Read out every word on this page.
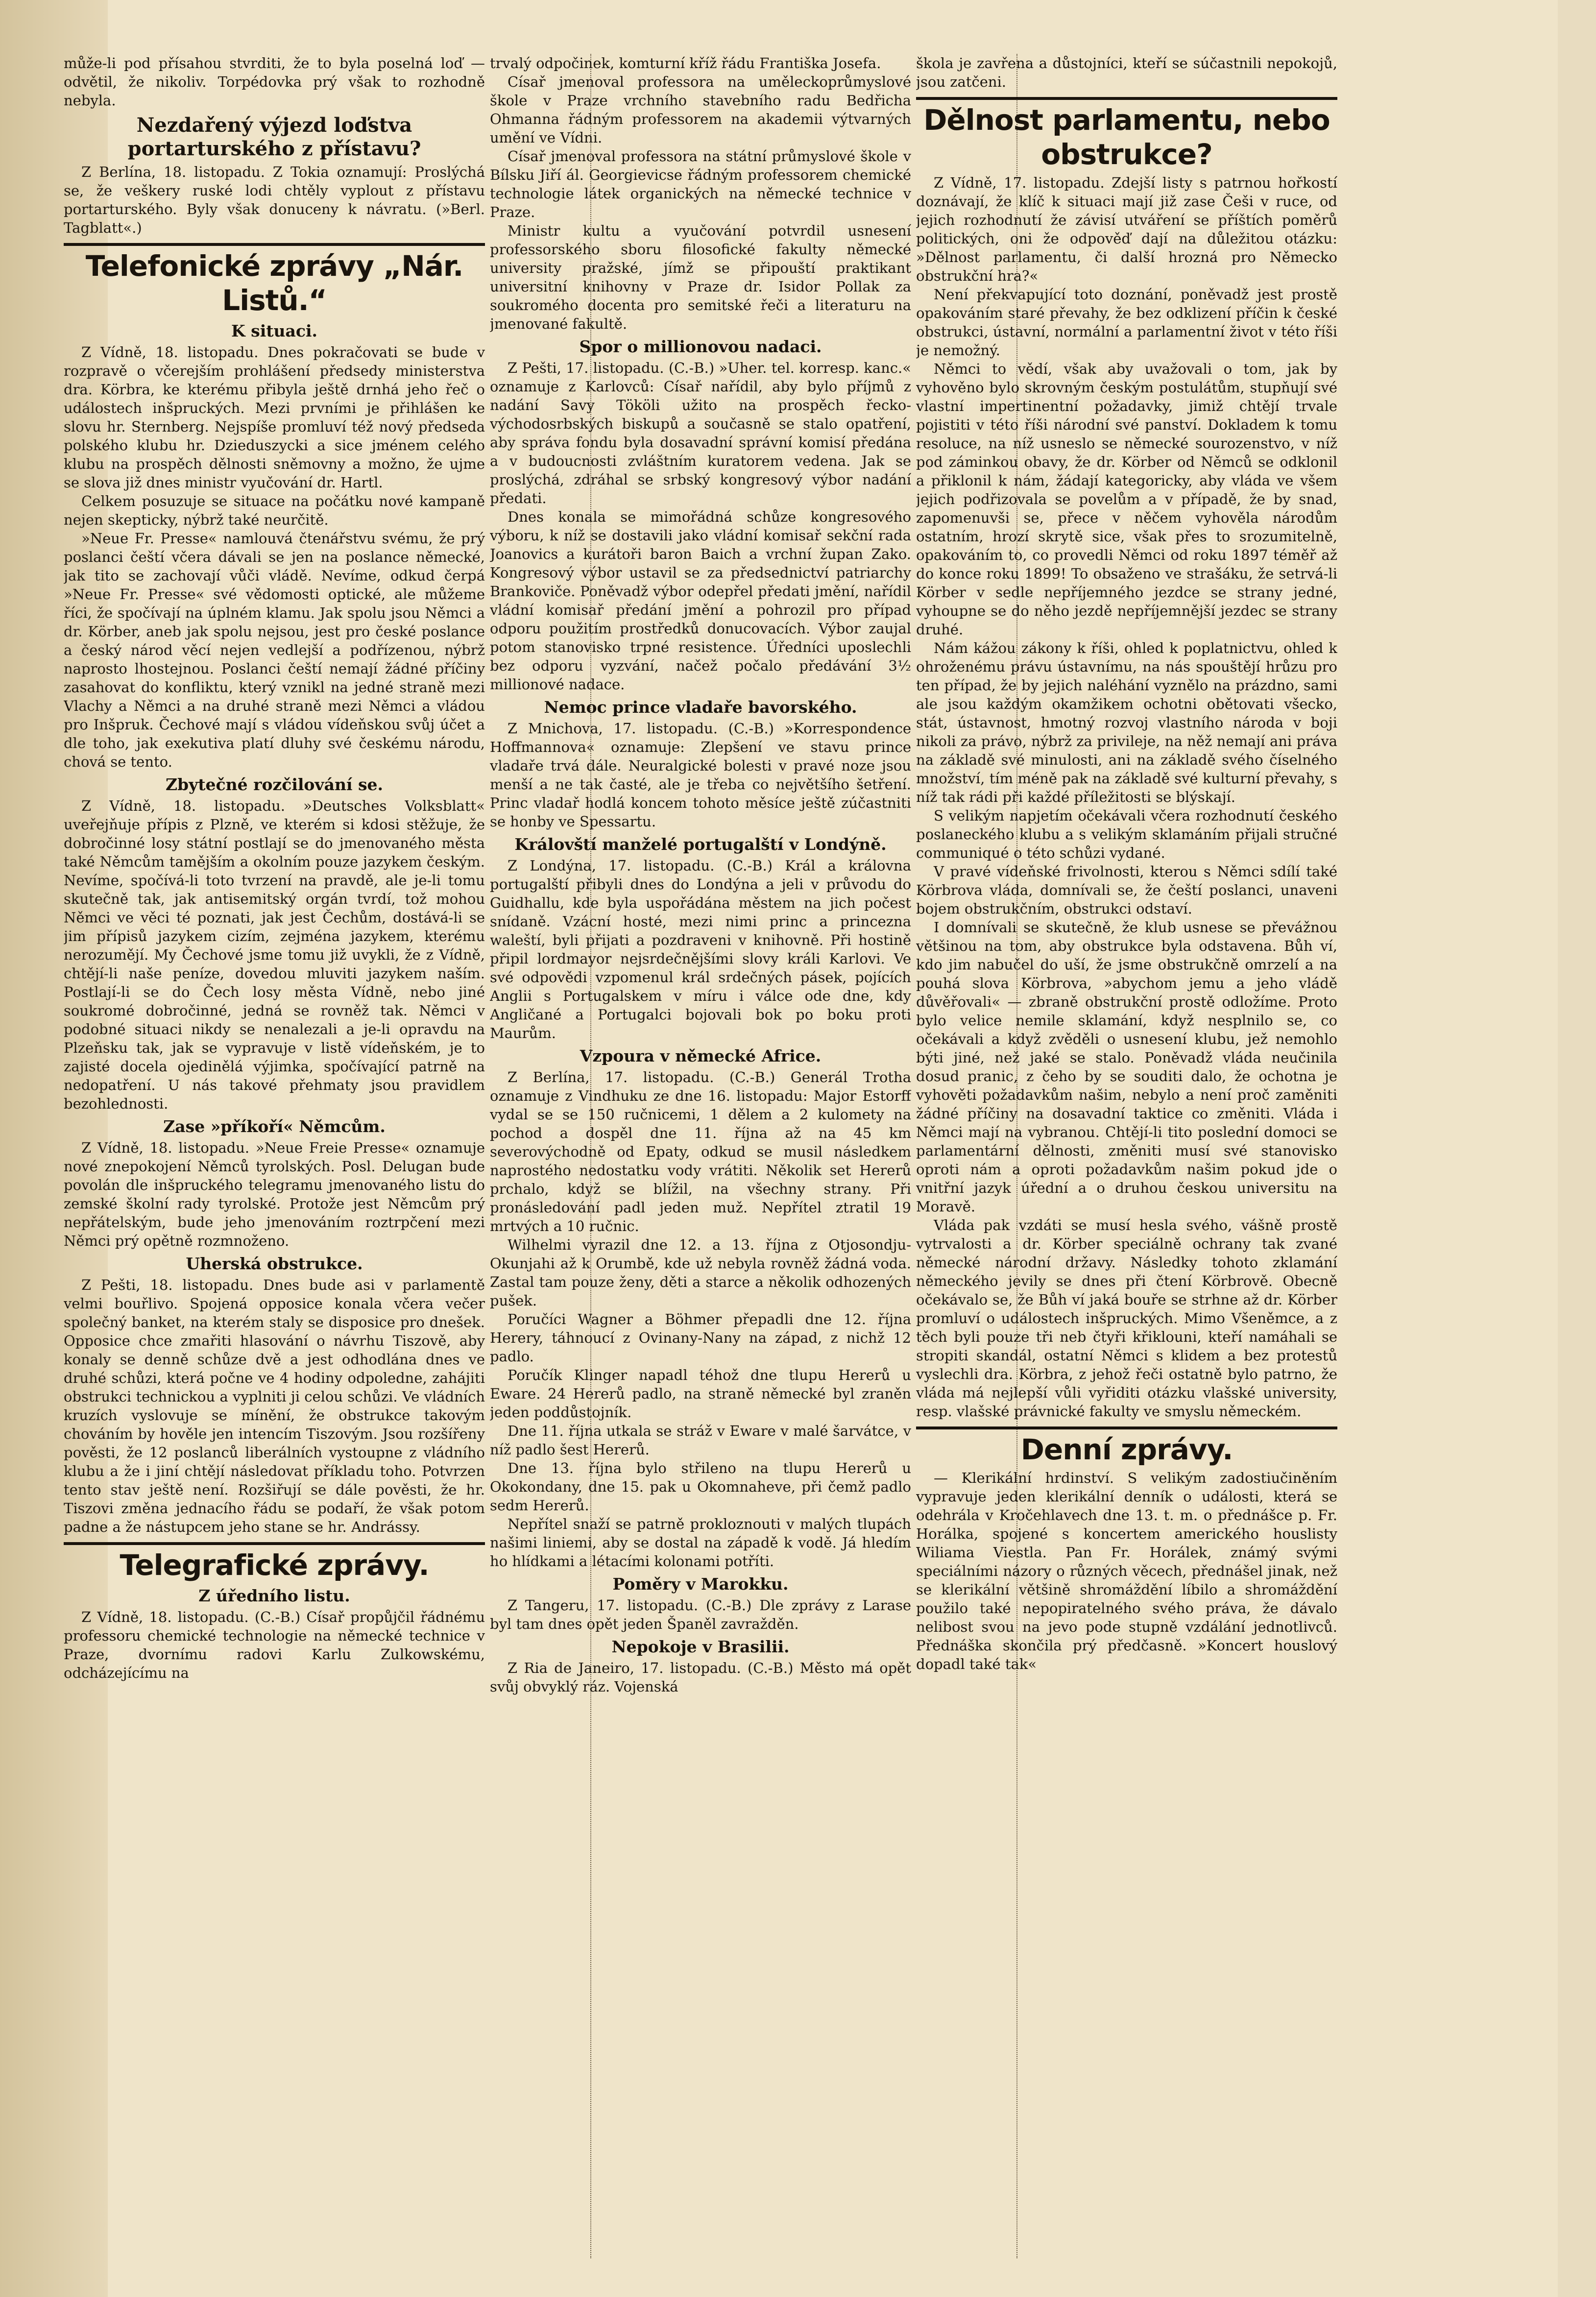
může-li pod přísahou stvrditi, že to byla poselná loď — odvětil, že nikoliv. Torpédovka prý však to rozhodně nebyla.

Nezdařený výjezd loďstva portarturského z přístavu?

Z Berlína, 18. listopadu. Z Tokia oznamují: Proslýchá se, že veškery ruské lodi chtěly vyplout z přístavu portarturského. Byly však donuceny k návratu. (»Berl. Tagblatt«.)

Telefonické zprávy „Nár. Listů.“
K situaci.

Z Vídně, 18. listopadu. Dnes pokračovati se bude v rozpravě o včerejším prohlášení předsedy ministerstva dra. Körbra, ke kterému přibyla ještě drnhá jeho řeč o událostech inšpruckých. Mezi prvními je přihlášen ke slovu hr. Sternberg. Nejspíše promluví též nový předseda polského klubu hr. Dzieduszycki a sice jménem celého klubu na prospěch dělnosti sněmovny a možno, že ujme se slova již dnes ministr vyučování dr. Hartl.

Celkem posuzuje se situace na počátku nové kampaně nejen skepticky, nýbrž také neurčitě.

»Neue Fr. Presse« namlouvá čtenářstvu svému, že prý poslanci čeští včera dávali se jen na poslance německé, jak tito se zachovají vůči vládě. Nevíme, odkud čerpá »Neue Fr. Presse« své vědomosti optické, ale můžeme říci, že spočívají na úplném klamu. Jak spolu jsou Němci a dr. Körber, aneb jak spolu nejsou, jest pro české poslance a český národ věcí nejen vedlejší a podřízenou, nýbrž naprosto lhostejnou. Poslanci čeští nemají žádné příčiny zasahovat do konfliktu, který vznikl na jedné straně mezi Vlachy a Němci a na druhé straně mezi Němci a vládou pro Inšpruk. Čechové mají s vládou vídeňskou svůj účet a dle toho, jak exekutiva platí dluhy své českému národu, chová se tento.

Zbytečné rozčilování se.

Z Vídně, 18. listopadu. »Deutsches Volksblatt« uveřejňuje přípis z Plzně, ve kterém si kdosi stěžuje, že dobročinné losy státní postlají se do jmenovaného města také Němcům tamějším a okolním pouze jazykem českým. Nevíme, spočívá-li toto tvrzení na pravdě, ale je-li tomu skutečně tak, jak antisemitský orgán tvrdí, tož mohou Němci ve věci té poznati, jak jest Čechům, dostává-li se jim přípisů jazykem cizím, zejména jazykem, kterému nerozumějí. My Čechové jsme tomu již uvykli, že z Vídně, chtějí-li naše peníze, dovedou mluviti jazykem naším. Postlají-li se do Čech losy města Vídně, nebo jiné soukromé dobročinné, jedná se rovněž tak. Němci v podobné situaci nikdy se nenalezali a je-li opravdu na Plzeňsku tak, jak se vypravuje v listě vídeňském, je to zajisté docela ojedinělá výjimka, spočívající patrně na nedopatření. U nás takové přehmaty jsou pravidlem bezohlednosti.

Zase »příkoří« Němcům.

Z Vídně, 18. listopadu. »Neue Freie Presse« oznamuje nové znepokojení Němců tyrolských. Posl. Delugan bude povolán dle inšpruckého telegramu jmenovaného listu do zemské školní rady tyrolské. Protože jest Němcům prý nepřátelským, bude jeho jmenováním roztrpčení mezi Němci prý opětně rozmnoženo.

Uherská obstrukce.

Z Pešti, 18. listopadu. Dnes bude asi v parlamentě velmi bouřlivo. Spojená opposice konala včera večer společný banket, na kterém staly se disposice pro dnešek. Opposice chce zmařiti hlasování o návrhu Tiszově, aby konaly se denně schůze dvě a jest odhodlána dnes ve druhé schůzi, která počne ve 4 hodiny odpoledne, zahájiti obstrukci technickou a vyplniti ji celou schůzi. Ve vládních kruzích vyslovuje se mínění, že obstrukce takovým chováním by hověle jen intencím Tiszovým. Jsou rozšířeny pověsti, že 12 poslanců liberálních vystoupne z vládního klubu a že i jiní chtějí následovat příkladu toho. Potvrzen tento stav ještě není. Rozšiřují se dále pověsti, že hr. Tiszovi změna jednacího řádu se podaří, že však potom padne a že nástupcem jeho stane se hr. Andrássy.

Telegrafické zprávy.
Z úředního listu.

Z Vídně, 18. listopadu. (C.-B.) Císař propůjčil řádnému professoru chemické technologie na německé technice v Praze, dvornímu radovi Karlu Zulkowskému, odcházejícímu na

trvalý odpočinek, komturní kříž řádu Františka Josefa.

Císař jmenoval professora na uměleckoprůmyslové škole v Praze vrchního stavebního radu Bedřicha Ohmanna řádným professorem na akademii výtvarných umění ve Vídni.

Císař jmenoval professora na státní průmyslové škole v Bílsku Jiří ál. Georgievicse řádným professorem chemické technologie látek organických na německé technice v Praze.

Ministr kultu a vyučování potvrdil usnesení professorského sboru filosofické fakulty německé university pražské, jímž se připouští praktikant universitní knihovny v Praze dr. Isidor Pollak za soukromého docenta pro semitské řeči a literaturu na jmenované fakultě.

Spor o millionovou nadaci.

Z Pešti, 17. listopadu. (C.-B.) »Uher. tel. korresp. kanc.« oznamuje z Karlovců: Císař nařídil, aby bylo příjmů z nadání Savy Tököli užito na prospěch řecko-východosrbských biskupů a současně se stalo opatření, aby správa fondu byla dosavadní správní komisí předána a v budoucnosti zvláštním kuratorem vedena. Jak se proslýchá, zdráhal se srbský kongresový výbor nadání předati.

Dnes konala se mimořádná schůze kongresového výboru, k níž se dostavili jako vládní komisař sekční rada Joanovics a kurátoři baron Baich a vrchní župan Zako. Kongresový výbor ustavil se za předsednictví patriarchy Brankoviče. Poněvadž výbor odepřel předati jmění, nařídil vládní komisař předání jmění a pohrozil pro případ odporu použitím prostředků donucovacích. Výbor zaujal potom stanovisko trpné resistence. Úředníci uposlechli bez odporu vyzvání, načež počalo předávání 3½ millionové nadace.

Nemoc prince vladaře bavorského.

Z Mnichova, 17. listopadu. (C.-B.) »Korrespondence Hoffmannova« oznamuje: Zlepšení ve stavu prince vladaře trvá dále. Neuralgické bolesti v pravé noze jsou menší a ne tak časté, ale je třeba co největšího šetření. Princ vladař hodlá koncem tohoto měsíce ještě zúčastniti se honby ve Spessartu.

Královští manželé portugalští v Londýně.

Z Londýna, 17. listopadu. (C.-B.) Král a královna portugalští přibyli dnes do Londýna a jeli v průvodu do Guidhallu, kde byla uspořádána městem na jich počest snídaně. Vzácní hosté, mezi nimi princ a princezna waleští, byli přijati a pozdraveni v knihovně. Při hostině připil lordmayor nejsrdečnějšími slovy králi Karlovi. Ve své odpovědi vzpomenul král srdečných pásek, pojících Anglii s Portugalskem v míru i válce ode dne, kdy Angličané a Portugalci bojovali bok po boku proti Maurům.

Vzpoura v německé Africe.

Z Berlína, 17. listopadu. (C.-B.) Generál Trotha oznamuje z Vindhuku ze dne 16. listopadu: Major Estorff vydal se se 150 ručnicemi, 1 dělem a 2 kulomety na pochod a dospěl dne 11. října až na 45 km severovýchodně od Epaty, odkud se musil následkem naprostého nedostatku vody vrátiti. Několik set Hererů prchalo, když se blížil, na všechny strany. Při pronásledování padl jeden muž. Nepřítel ztratil 19 mrtvých a 10 ručnic.

Wilhelmi vyrazil dne 12. a 13. října z Otjosondju-Okunjahi až k Orumbě, kde už nebyla rovněž žádná voda. Zastal tam pouze ženy, děti a starce a několik odhozených pušek.

Poručíci Wagner a Böhmer přepadli dne 12. října Herery, táhnoucí z Ovinany-Nany na západ, z nichž 12 padlo.

Poručík Klinger napadl téhož dne tlupu Hererů u Eware. 24 Hererů padlo, na straně německé byl zraněn jeden poddůstojník.

Dne 11. října utkala se stráž v Eware v malé šarvátce, v níž padlo šest Hererů.

Dne 13. října bylo střileno na tlupu Hererů u Okokondany, dne 15. pak u Okomnaheve, při čemž padlo sedm Hererů.

Nepřítel snaží se patrně prokloznouti v malých tlupách našimi liniemi, aby se dostal na západě k vodě. Já hledím ho hlídkami a létacími kolonami potříti.

Poměry v Marokku.

Z Tangeru, 17. listopadu. (C.-B.) Dle zprávy z Larase byl tam dnes opět jeden Španěl zavražděn.

Nepokoje v Brasilii.

Z Ria de Janeiro, 17. listopadu. (C.-B.) Město má opět svůj obvyklý ráz. Vojenská

škola je zavřena a důstojníci, kteří se súčastnili nepokojů, jsou zatčeni.

Dělnost parlamentu, nebo obstrukce?

Z Vídně, 17. listopadu. Zdejší listy s patrnou hořkostí doznávají, že klíč k situaci mají již zase Češi v ruce, od jejich rozhodnutí že závisí utváření se příštích poměrů politických, oni že odpověď dají na důležitou otázku: »Dělnost parlamentu, či další hrozná pro Německo obstrukční hra?«

Není překvapující toto doznání, poněvadž jest prostě opakováním staré převahy, že bez odklizení příčin k české obstrukci, ústavní, normální a parlamentní život v této říši je nemožný.

Němci to vědí, však aby uvažovali o tom, jak by vyhověno bylo skrovným českým postulátům, stupňují své vlastní impertinentní požadavky, jimiž chtějí trvale pojistiti v této říši národní své panství. Dokladem k tomu resoluce, na níž usneslo se německé sourozenstvo, v níž pod záminkou obavy, že dr. Körber od Němců se odklonil a přiklonil k nám, žádají kategoricky, aby vláda ve všem jejich podřizovala se povelům a v případě, že by snad, zapomenuvši se, přece v něčem vyhověla národům ostatním, hrozí skrytě sice, však přes to srozumitelně, opakováním to, co provedli Němci od roku 1897 téměř až do konce roku 1899! To obsaženo ve strašáku, že setrvá-li Körber v sedle nepříjemného jezdce se strany jedné, vyhoupne se do něho jezdě nepříjemnější jezdec se strany druhé.

Nám kážou zákony k říši, ohled k poplatnictvu, ohled k ohroženému právu ústavnímu, na nás spouštějí hrůzu pro ten případ, že by jejich naléhání vyznělo na prázdno, sami ale jsou každým okamžikem ochotni obětovati všecko, stát, ústavnost, hmotný rozvoj vlastního národa v boji nikoli za právo, nýbrž za privileje, na něž nemají ani práva na základě své minulosti, ani na základě svého číselného množství, tím méně pak na základě své kulturní převahy, s níž tak rádi při každé příležitosti se blýskají.

S velikým napjetím očekávali včera rozhodnutí českého poslaneckého klubu a s velikým sklamáním přijali stručné communiqué o této schůzi vydané.

V pravé vídeňské frivolnosti, kterou s Němci sdílí také Körbrova vláda, domnívali se, že čeští poslanci, unaveni bojem obstrukčním, obstrukci odstaví.

I domnívali se skutečně, že klub usnese se převážnou většinou na tom, aby obstrukce byla odstavena. Bůh ví, kdo jim nabučel do uší, že jsme obstrukčně omrzelí a na pouhá slova Körbrova, »abychom jemu a jeho vládě důvěřovali« — zbraně obstrukční prostě odložíme. Proto bylo velice nemile sklamání, když nesplnilo se, co očekávali a když zvěděli o usnesení klubu, jež nemohlo býti jiné, než jaké se stalo. Poněvadž vláda neučinila dosud pranic, z čeho by se souditi dalo, že ochotna je vyhověti požadavkům našim, nebylo a není proč zaměniti žádné příčiny na dosavadní taktice co změniti. Vláda i Němci mají na vybranou. Chtějí-li tito poslední domoci se parlamentární dělnosti, změniti musí své stanovisko oproti nám a oproti požadavkům našim pokud jde o vnitřní jazyk úřední a o druhou českou universitu na Moravě.

Vláda pak vzdáti se musí hesla svého, vášně prostě vytrvalosti a dr. Körber speciálně ochrany tak zvané německé národní državy. Následky tohoto zklamání německého jevily se dnes při čtení Körbrově. Obecně očekávalo se, že Bůh ví jaká bouře se strhne až dr. Körber promluví o událostech inšpruckých. Mimo Všeněmce, a z těch byli pouze tři neb čtyři křiklouni, kteří namáhali se stropiti skandál, ostatní Němci s klidem a bez protestů vyslechli dra. Körbra, z jehož řeči ostatně bylo patrno, že vláda má nejlepší vůli vyřiditi otázku vlašské university, resp. vlašské právnické fakulty ve smyslu německém.

Denní zprávy.

— Klerikální hrdinství. S velikým zadostiučiněním vypravuje jeden klerikální denník o události, která se odehrála v Kročehlavech dne 13. t. m. o přednášce p. Fr. Horálka, spojené s koncertem amerického houslisty Wiliama Viestla. Pan Fr. Horálek, známý svými speciálními názory o různých věcech, přednášel jinak, než se klerikální většině shromáždění líbilo a shromáždění použilo také nepopiratelného svého práva, že dávalo nelibost svou na jevo pode stupně vzdálání jednotlivců. Přednáška skončila prý předčasně. »Koncert houslový dopadl také tak«
